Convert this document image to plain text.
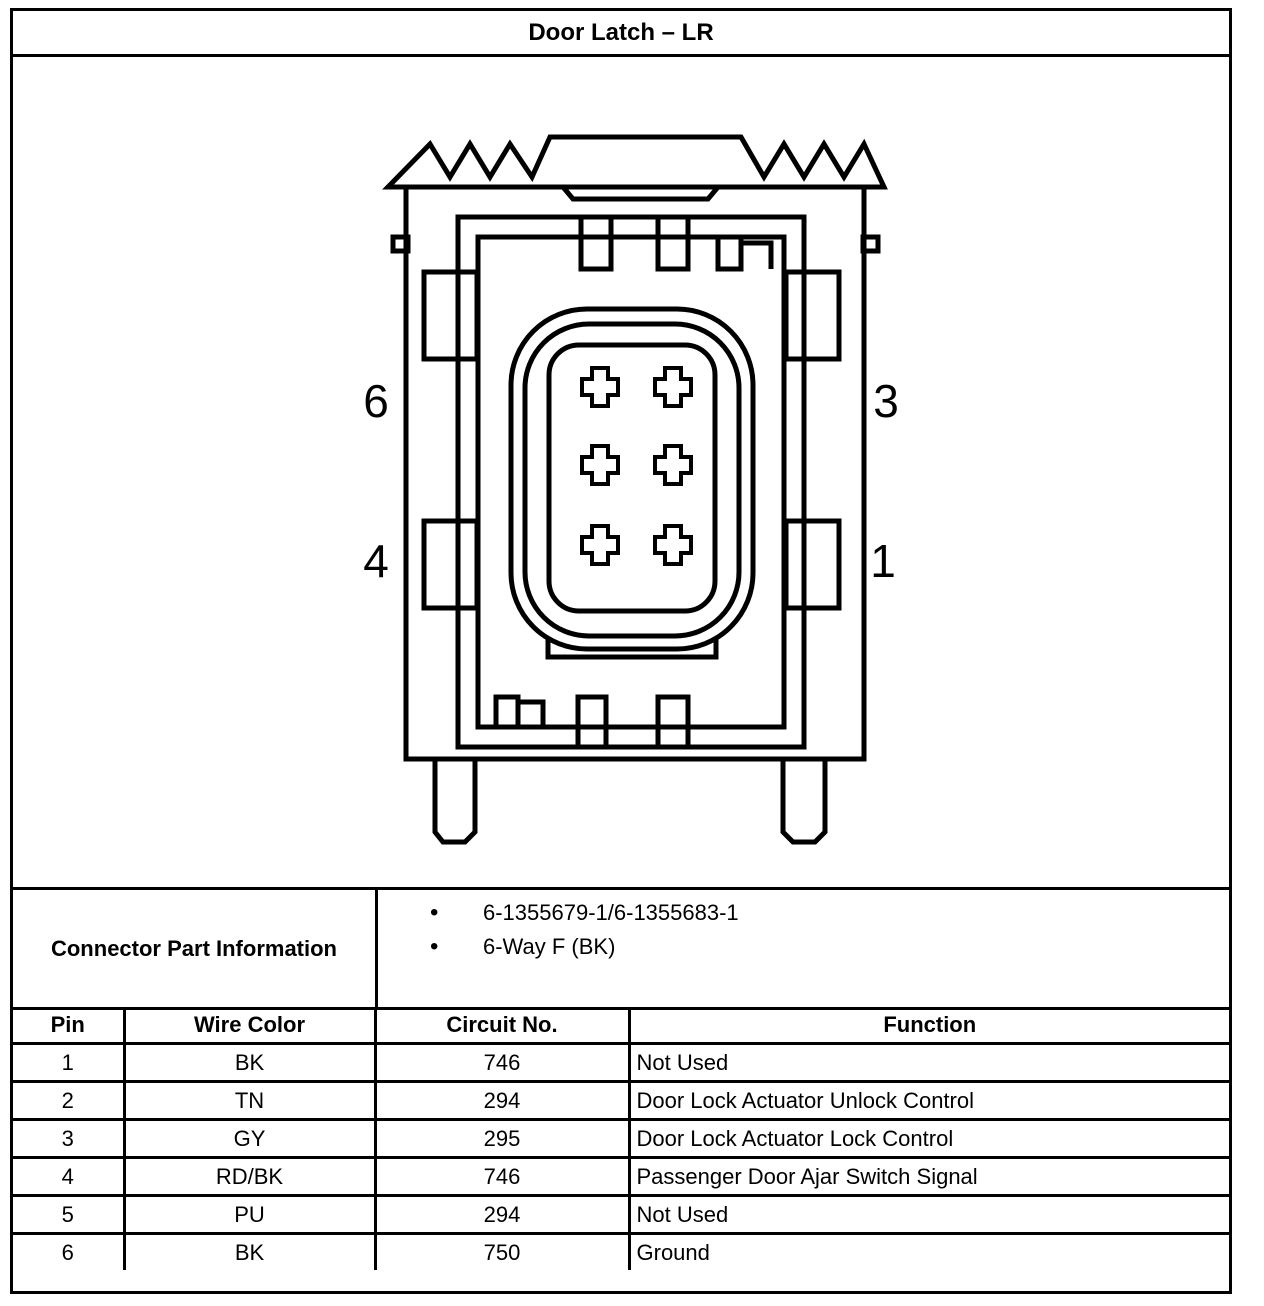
Door Latch – LR
6	3
4	1
Connector Part Information
• 6-1355679-1/6-1355683-1
• 6-Way F (BK)
Pin	Wire Color	Circuit No.	Function
1	BK	746	Not Used
2	TN	294	Door Lock Actuator Unlock Control
3	GY	295	Door Lock Actuator Lock Control
4	RD/BK	746	Passenger Door Ajar Switch Signal
5	PU	294	Not Used
6	BK	750	Ground
